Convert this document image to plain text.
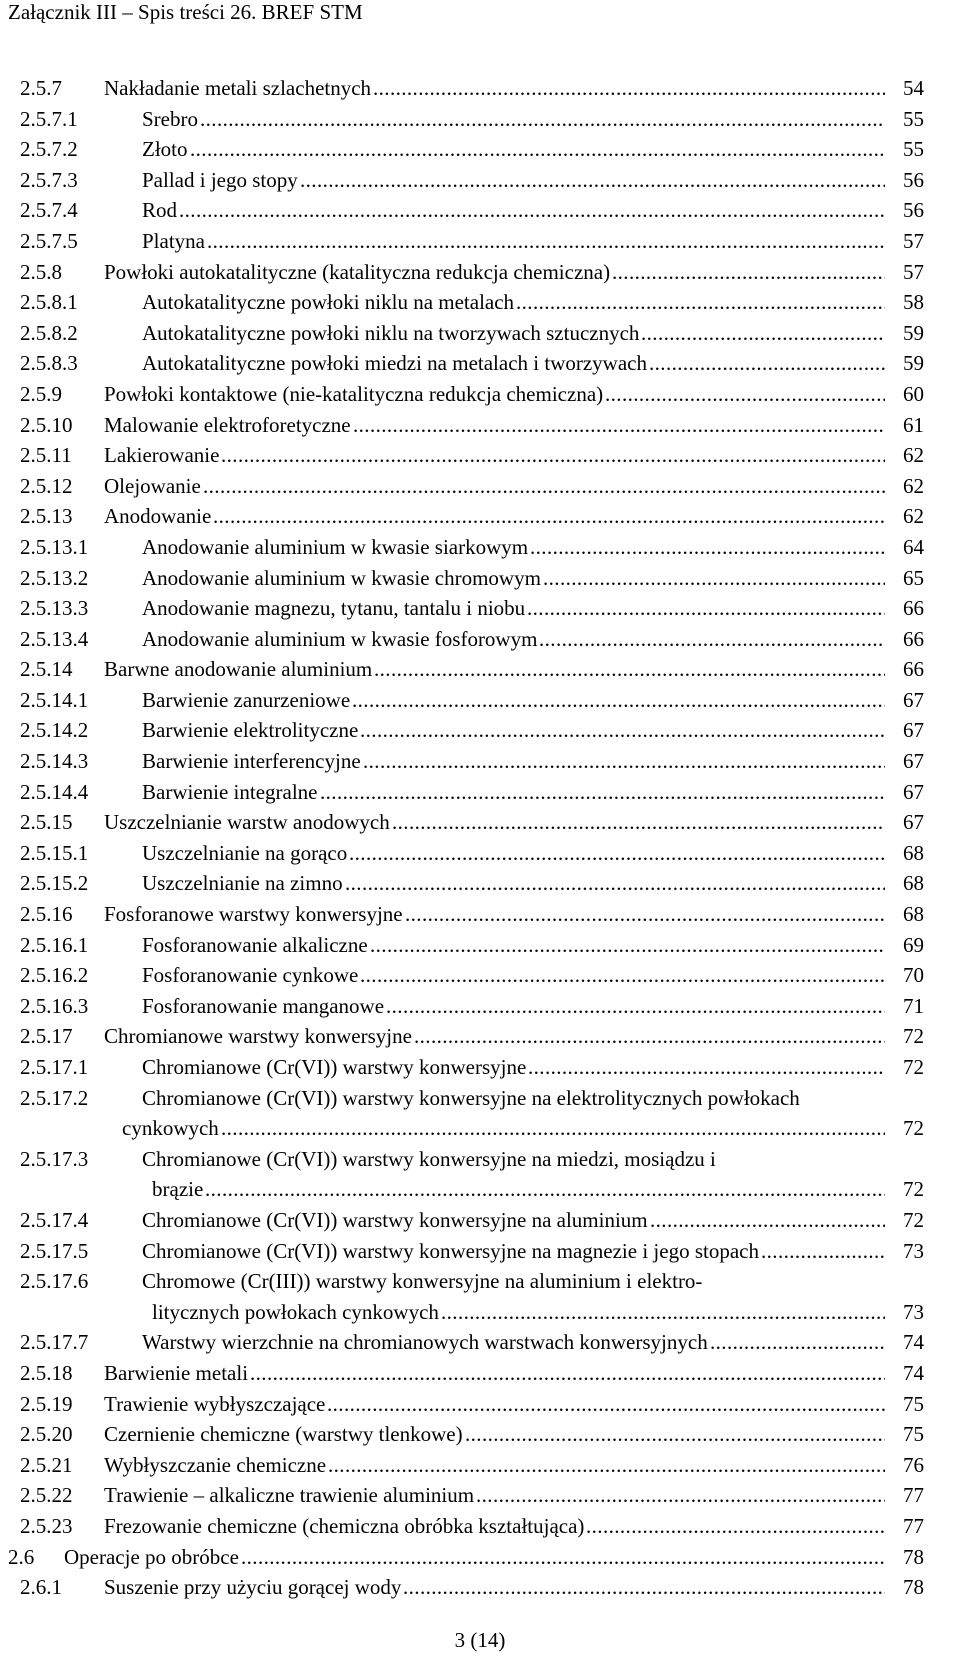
Załącznik III – Spis treści 26. BREF STM
2.5.7 Nakładanie metali szlachetnych .....	54
2.5.7.1	Srebro .....	55
2.5.7.2	Złoto .....	55
2.5.7.3	Pallad i jego stopy .....	56
2.5.7.4	Rod .....	56
2.5.7.5	Platyna .....	57
2.5.8 Powłoki autokatalityczne (katalityczna redukcja chemiczna) .....	57
2.5.8.1	Autokatalityczne powłoki niklu na metalach .....	58
2.5.8.2	Autokatalityczne powłoki niklu na tworzywach sztucznych .....	59
2.5.8.3	Autokatalityczne powłoki miedzi na metalach i tworzywach .....	59
2.5.9 Powłoki kontaktowe (nie-katalityczna redukcja chemiczna) .....	60
2.5.10 Malowanie elektroforetyczne .....	61
2.5.11 Lakierowanie .....	62
2.5.12 Olejowanie .....	62
2.5.13 Anodowanie .....	62
2.5.13.1	Anodowanie aluminium w kwasie siarkowym .....	64
2.5.13.2	Anodowanie aluminium w kwasie chromowym .....	65
2.5.13.3	Anodowanie magnezu, tytanu, tantalu i niobu .....	66
2.5.13.4	Anodowanie aluminium w kwasie fosforowym .....	66
2.5.14 Barwne anodowanie aluminium .....	66
2.5.14.1	Barwienie zanurzeniowe .....	67
2.5.14.2	Barwienie elektrolityczne .....	67
2.5.14.3	Barwienie interferencyjne .....	67
2.5.14.4	Barwienie integralne .....	67
2.5.15 Uszczelnianie warstw anodowych .....	67
2.5.15.1	Uszczelnianie na gorąco .....	68
2.5.15.2	Uszczelnianie na zimno .....	68
2.5.16 Fosforanowe warstwy konwersyjne .....	68
2.5.16.1	Fosforanowanie alkaliczne .....	69
2.5.16.2	Fosforanowanie cynkowe .....	70
2.5.16.3	Fosforanowanie manganowe .....	71
2.5.17 Chromianowe warstwy konwersyjne .....	72
2.5.17.1	Chromianowe (Cr(VI)) warstwy konwersyjne .....	72
2.5.17.2	Chromianowe (Cr(VI)) warstwy konwersyjne na elektrolitycznych powłokach
cynkowych .....	72
2.5.17.3	Chromianowe (Cr(VI)) warstwy konwersyjne na miedzi, mosiądzu i
brązie .....	72
2.5.17.4	Chromianowe (Cr(VI)) warstwy konwersyjne na aluminium .....	72
2.5.17.5	Chromianowe (Cr(VI)) warstwy konwersyjne na magnezie i jego stopach .....	73
2.5.17.6	Chromowe (Cr(III)) warstwy konwersyjne na aluminium i elektro-
litycznych powłokach cynkowych .....	73
2.5.17.7	Warstwy wierzchnie na chromianowych warstwach konwersyjnych .....	74
2.5.18 Barwienie metali .....	74
2.5.19 Trawienie wybłyszczające .....	75
2.5.20 Czernienie chemiczne (warstwy tlenkowe) .....	75
2.5.21 Wybłyszczanie chemiczne .....	76
2.5.22 Trawienie – alkaliczne trawienie aluminium .....	77
2.5.23 Frezowanie chemiczne (chemiczna obróbka kształtująca) .....	77
2.6 Operacje po obróbce .....	78
2.6.1 Suszenie przy użyciu gorącej wody .....	78
3 (14)
